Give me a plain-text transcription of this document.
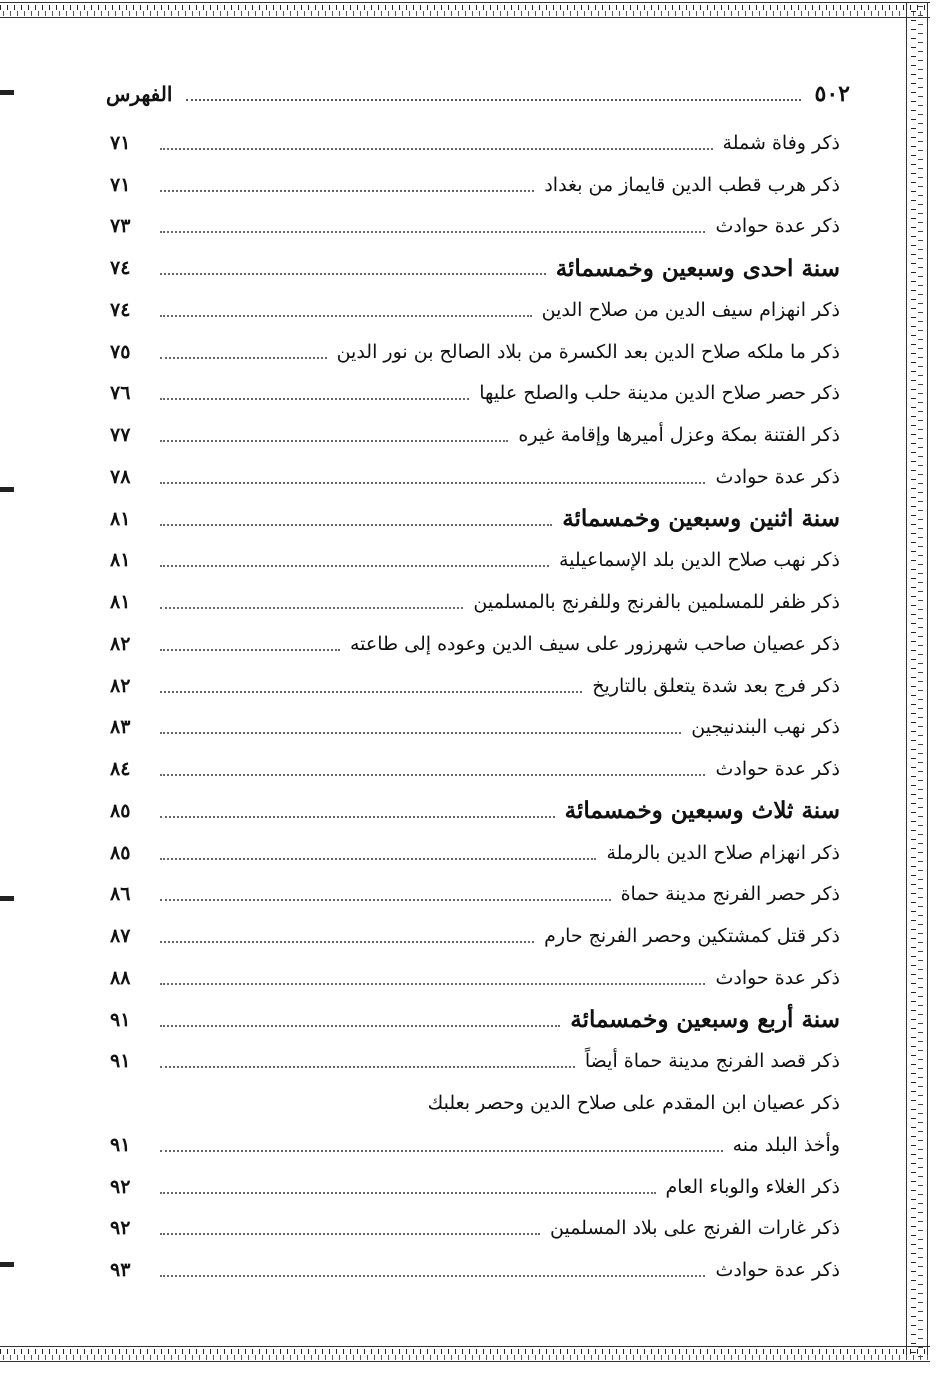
٥٠٢
الفهرس
ذكر وفاة شملة
٧١
ذكر هرب قطب الدين قايماز من بغداد
٧١
ذكر عدة حوادث
٧٣
سنة احدى وسبعين وخمسمائة
٧٤
ذكر انهزام سيف الدين من صلاح الدين
٧٤
ذكر ما ملكه صلاح الدين بعد الكسرة من بلاد الصالح بن نور الدين
٧٥
ذكر حصر صلاح الدين مدينة حلب والصلح عليها
٧٦
ذكر الفتنة بمكة وعزل أميرها وإقامة غيره
٧٧
ذكر عدة حوادث
٧٨
سنة اثنين وسبعين وخمسمائة
٨١
ذكر نهب صلاح الدين بلد الإسماعيلية
٨١
ذكر ظفر للمسلمين بالفرنج وللفرنج بالمسلمين
٨١
ذكر عصيان صاحب شهرزور على سيف الدين وعوده إلى طاعته
٨٢
ذكر فرج بعد شدة يتعلق بالتاريخ
٨٢
ذكر نهب البندنيجين
٨٣
ذكر عدة حوادث
٨٤
سنة ثلاث وسبعين وخمسمائة
٨٥
ذكر انهزام صلاح الدين بالرملة
٨٥
ذكر حصر الفرنج مدينة حماة
٨٦
ذكر قتل كمشتكين وحصر الفرنج حارم
٨٧
ذكر عدة حوادث
٨٨
سنة أربع وسبعين وخمسمائة
٩١
ذكر قصد الفرنج مدينة حماة أيضاً
٩١
ذكر عصيان ابن المقدم على صلاح الدين وحصر بعلبك
وأخذ البلد منه
٩١
ذكر الغلاء والوباء العام
٩٢
ذكر غارات الفرنج على بلاد المسلمين
٩٢
ذكر عدة حوادث
٩٣
